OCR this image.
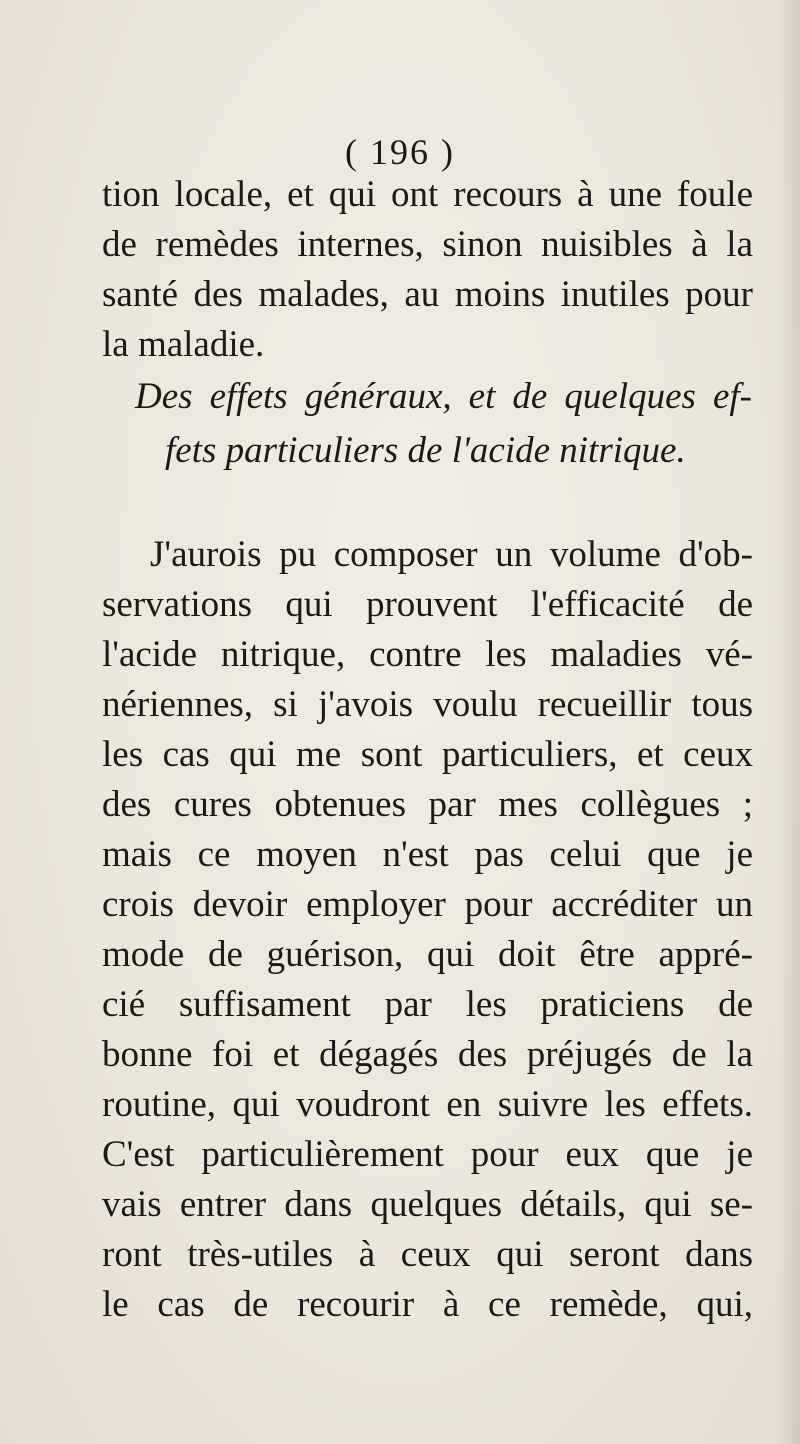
( 196 )
tion locale, et qui ont recours à une foule
de remèdes internes, sinon nuisibles à la
santé des malades, au moins inutiles pour
la maladie.
Des effets généraux, et de quelques ef-
fets particuliers de l'acide nitrique.
J'aurois pu composer un volume d'ob-
servations qui prouvent l'efficacité de
l'acide nitrique, contre les maladies vé-
nériennes, si j'avois voulu recueillir tous
les cas qui me sont particuliers, et ceux
des cures obtenues par mes collègues ;
mais ce moyen n'est pas celui que je
crois devoir employer pour accréditer un
mode de guérison, qui doit être appré-
cié suffisament par les praticiens de
bonne foi et dégagés des préjugés de la
routine, qui voudront en suivre les effets.
C'est particulièrement pour eux que je
vais entrer dans quelques détails, qui se-
ront très-utiles à ceux qui seront dans
le cas de recourir à ce remède, qui,
